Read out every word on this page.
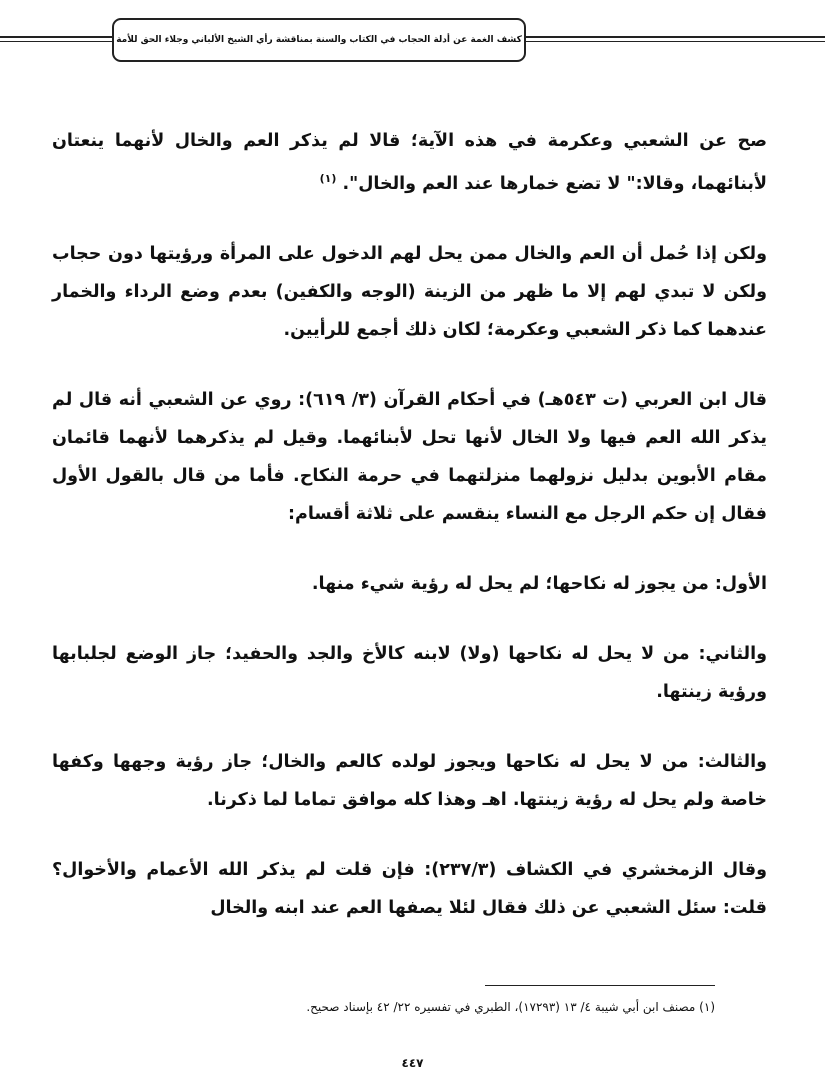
كشف الغمة عن أدلة الحجاب في الكتاب والسنة بمناقشة رأي الشيخ الألباني وجلاء الحق للأمة

صح عن الشعبي وعكرمة في هذه الآية؛ قالا لم يذكر العم والخال لأنهما ينعتان لأبنائهما، وقالا:" لا تضع خمارها عند العم والخال". $^{(١)}$

ولكن إذا حُمل أن العم والخال ممن يحل لهم الدخول على المرأة ورؤيتها دون حجاب ولكن لا تبدي لهم إلا ما ظهر من الزينة (الوجه والكفين) بعدم وضع الرداء والخمار عندهما كما ذكر الشعبي وعكرمة؛ لكان ذلك أجمع للرأيين.

قال ابن العربي (ت ٥٤٣هـ) في أحكام القرآن (٣/ ٦١٩): روي عن الشعبي أنه قال لم يذكر الله العم فيها ولا الخال لأنها تحل لأبنائهما. وقيل لم يذكرهما لأنهما قائمان مقام الأبوين بدليل نزولهما منزلتهما في حرمة النكاح. فأما من قال بالقول الأول فقال إن حكم الرجل مع النساء ينقسم على ثلاثة أقسام:

الأول: من يجوز له نكاحها؛ لم يحل له رؤية شيء منها.

والثاني: من لا يحل له نكاحها (ولا) لابنه كالأخ والجد والحفيد؛ جاز الوضع لجلبابها ورؤية زينتها.

والثالث: من لا يحل له نكاحها ويجوز لولده كالعم والخال؛ جاز رؤية وجهها وكفها خاصة ولم يحل له رؤية زينتها. اهـ وهذا كله موافق تماما لما ذكرنا.

وقال الزمخشري في الكشاف (٢٣٧/٣): فإن قلت لم يذكر الله الأعمام والأخوال؟ قلت: سئل الشعبي عن ذلك فقال لئلا يصفها العم عند ابنه والخال

(١) مصنف ابن أبي شيبة ٤/ ١٣ (١٧٢٩٣)، الطبري في تفسيره ٢٢/ ٤٢ بإسناد صحيح.
٤٤٧
